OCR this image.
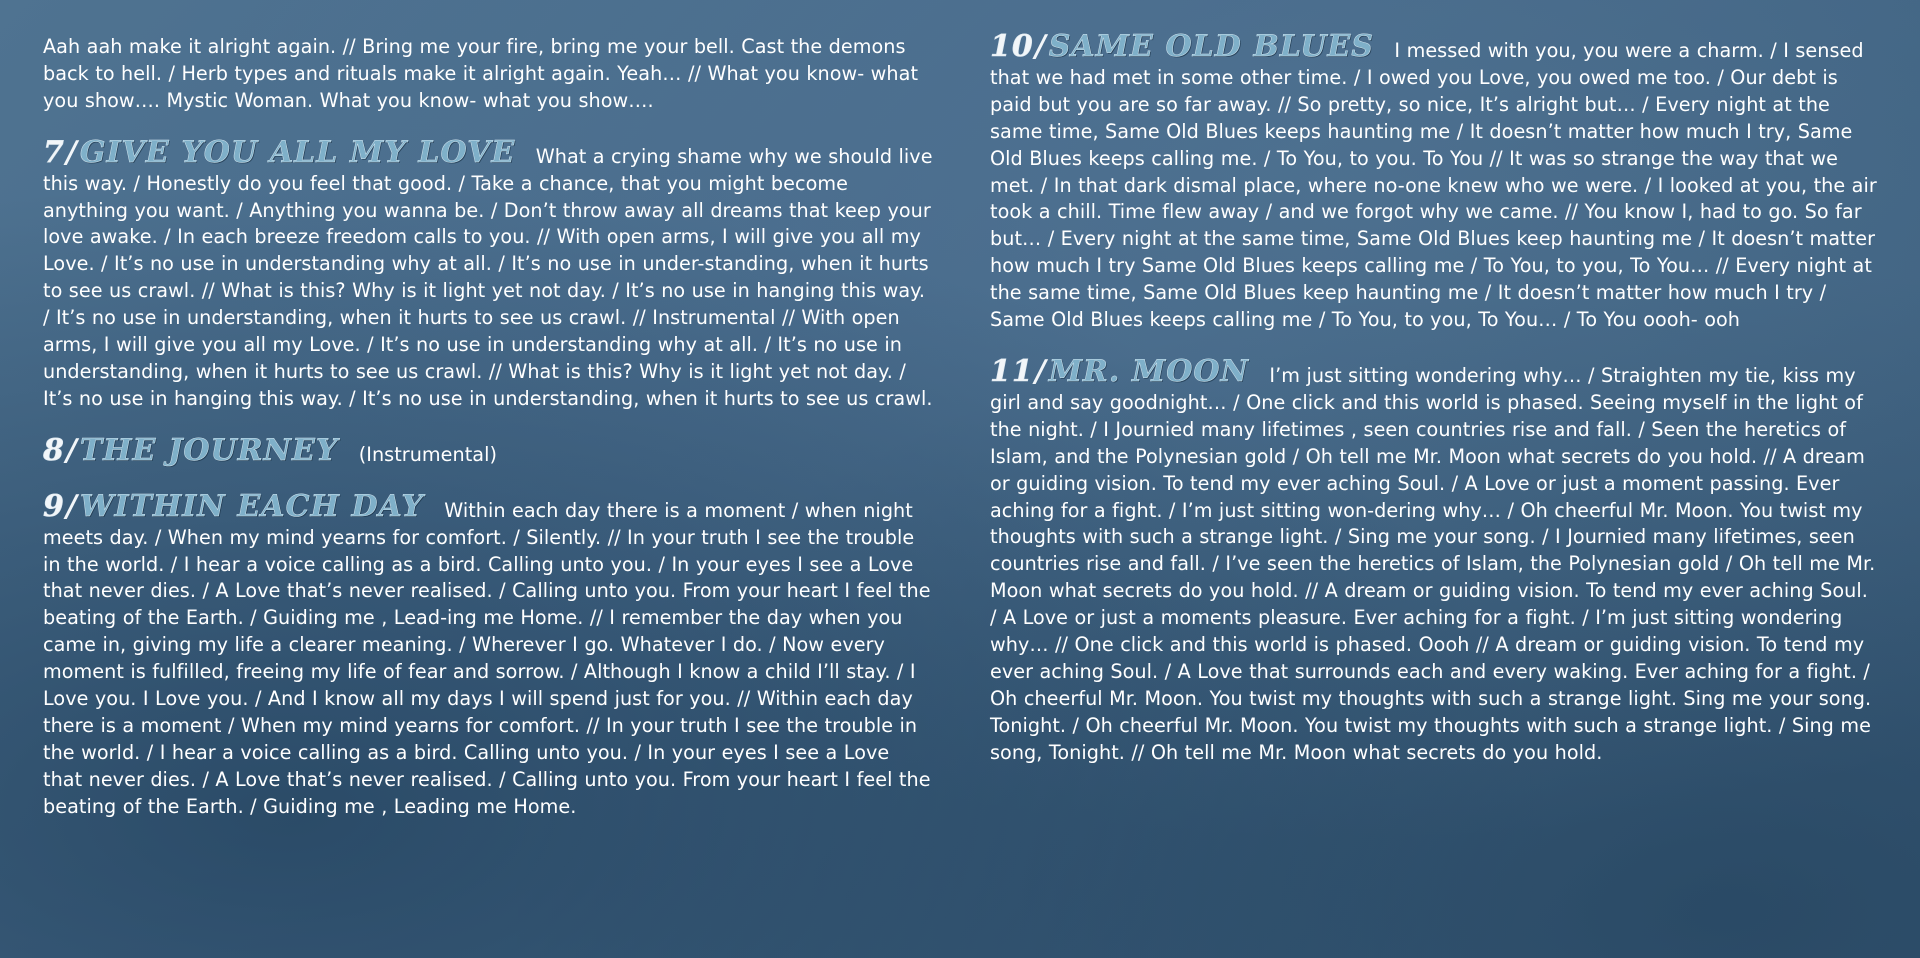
Aah aah make it alright again. // Bring me your fire, bring me your bell. Cast the demons back to hell. / Herb types and rituals make it alright again. Yeah… // What you know- what you show…. Mystic Woman. What you know- what you show….

7/GIVE YOU ALL MY LOVE What a crying shame why we should live this way. / Honestly do you feel that good. / Take a chance, that you might become anything you want. / Anything you wanna be. / Don’t throw away all dreams that keep your love awake. / In each breeze freedom calls to you. // With open arms, I will give you all my Love. / It’s no use in understanding why at all. / It’s no use in under-standing, when it hurts to see us crawl. // What is this? Why is it light yet not day. / It’s no use in hanging this way. / It’s no use in understanding, when it hurts to see us crawl. // Instrumental // With open arms, I will give you all my Love. / It’s no use in understanding why at all. / It’s no use in understanding, when it hurts to see us crawl. // What is this? Why is it light yet not day. / It’s no use in hanging this way. / It’s no use in understanding, when it hurts to see us crawl.

8/THE JOURNEY (Instrumental)

9/WITHIN EACH DAY Within each day there is a moment / when night meets day. / When my mind yearns for comfort. / Silently. // In your truth I see the trouble in the world. / I hear a voice calling as a bird. Calling unto you. / In your eyes I see a Love that never dies. / A Love that’s never realised. / Calling unto you. From your heart I feel the beating of the Earth. / Guiding me , Lead-ing me Home. // I remember the day when you came in, giving my life a clearer meaning. / Wherever I go. Whatever I do. / Now every moment is fulfilled, freeing my life of fear and sorrow. / Although I know a child I’ll stay. / I Love you. I Love you. / And I know all my days I will spend just for you. // Within each day there is a moment / When my mind yearns for comfort. // In your truth I see the trouble in the world. / I hear a voice calling as a bird. Calling unto you. / In your eyes I see a Love that never dies. / A Love that’s never realised. / Calling unto you. From your heart I feel the beating of the Earth. / Guiding me , Leading me Home.

10/SAME OLD BLUES I messed with you, you were a charm. / I sensed that we had met in some other time. / I owed you Love, you owed me too. / Our debt is paid but you are so far away. // So pretty, so nice, It’s alright but… / Every night at the same time, Same Old Blues keeps haunting me / It doesn’t matter how much I try, Same Old Blues keeps calling me. / To You, to you. To You // It was so strange the way that we met. / In that dark dismal place, where no-one knew who we were. / I looked at you, the air took a chill. Time flew away / and we forgot why we came. // You know I, had to go. So far but… / Every night at the same time, Same Old Blues keep haunting me / It doesn’t matter how much I try Same Old Blues keeps calling me / To You, to you, To You… // Every night at the same time, Same Old Blues keep haunting me / It doesn’t matter how much I try / Same Old Blues keeps calling me / To You, to you, To You… / To You oooh- ooh

11/MR. MOON I’m just sitting wondering why… / Straighten my tie, kiss my girl and say goodnight… / One click and this world is phased. Seeing myself in the light of the night. / I Journied many lifetimes , seen countries rise and fall. / Seen the heretics of Islam, and the Polynesian gold / Oh tell me Mr. Moon what secrets do you hold. // A dream or guiding vision. To tend my ever aching Soul. / A Love or just a moment passing. Ever aching for a fight. / I’m just sitting won-dering why… / Oh cheerful Mr. Moon. You twist my thoughts with such a strange light. / Sing me your song. / I Journied many lifetimes, seen countries rise and fall. / I’ve seen the heretics of Islam, the Polynesian gold / Oh tell me Mr. Moon what secrets do you hold. // A dream or guiding vision. To tend my ever aching Soul. / A Love or just a moments pleasure. Ever aching for a fight. / I’m just sitting wondering why… // One click and this world is phased. Oooh // A dream or guiding vision. To tend my ever aching Soul. / A Love that surrounds each and every waking. Ever aching for a fight. / Oh cheerful Mr. Moon. You twist my thoughts with such a strange light. Sing me your song. Tonight. / Oh cheerful Mr. Moon. You twist my thoughts with such a strange light. / Sing me song, Tonight. // Oh tell me Mr. Moon what secrets do you hold.
